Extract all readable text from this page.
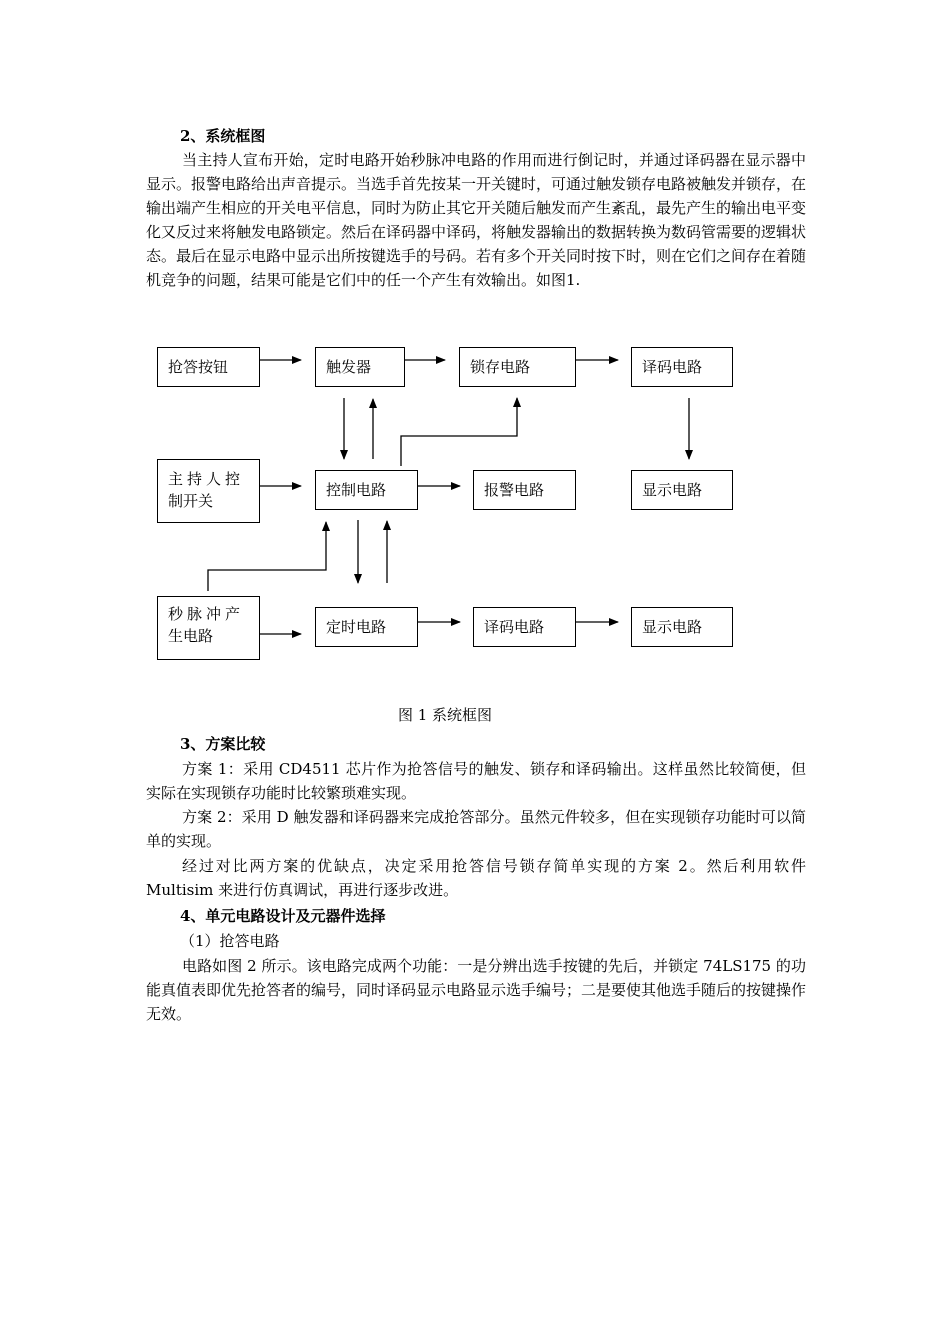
2、系统框图

当主持人宣布开始，定时电路开始秒脉冲电路的作用而进行倒记时，并通过译码器在显示器中显示。报警电路给出声音提示。当选手首先按某一开关键时，可通过触发锁存电路被触发并锁存，在输出端产生相应的开关电平信息，同时为防止其它开关随后触发而产生紊乱，最先产生的输出电平变化又反过来将触发电路锁定。然后在译码器中译码，将触发器输出的数据转换为数码管需要的逻辑状态。最后在显示电路中显示出所按键选手的号码。若有多个开关同时按下时，则在它们之间存在着随机竞争的问题，结果可能是它们中的任一个产生有效输出。如图1.

抢答按钮	触发器	锁存电路	译码电路
主持人控
制开关
控制电路	报警电路	显示电路
秒脉冲产
生电路	定时电路	译码电路	显示电路
图 1 系统框图

3、方案比较

方案 1：采用 CD4511 芯片作为抢答信号的触发、锁存和译码输出。这样虽然比较简便，但实际在实现锁存功能时比较繁琐难实现。

方案 2：采用 D 触发器和译码器来完成抢答部分。虽然元件较多，但在实现锁存功能时可以简单的实现。

经过对比两方案的优缺点，决定采用抢答信号锁存简单实现的方案 2。然后利用软件 Multisim 来进行仿真调试，再进行逐步改进。

4、单元电路设计及元器件选择

（1）抢答电路

电路如图 2 所示。该电路完成两个功能：一是分辨出选手按键的先后，并锁定 74LS175 的功能真值表即优先抢答者的编号，同时译码显示电路显示选手编号；二是要使其他选手随后的按键操作无效。
